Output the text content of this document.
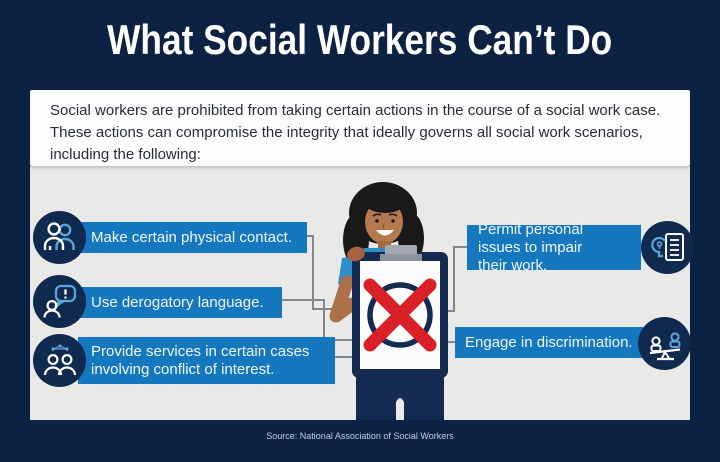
What Social Workers Can’t Do

Social workers are prohibited from taking certain actions in the course of a social work case. These actions can compromise the integrity that ideally governs all social work scenarios, including the following:

Make certain physical contact.
Use derogatory language.
Provide services in certain cases involving conflict of interest.
Permit personal issues to impair their work.
Engage in discrimination.
Source: National Association of Social Workers
